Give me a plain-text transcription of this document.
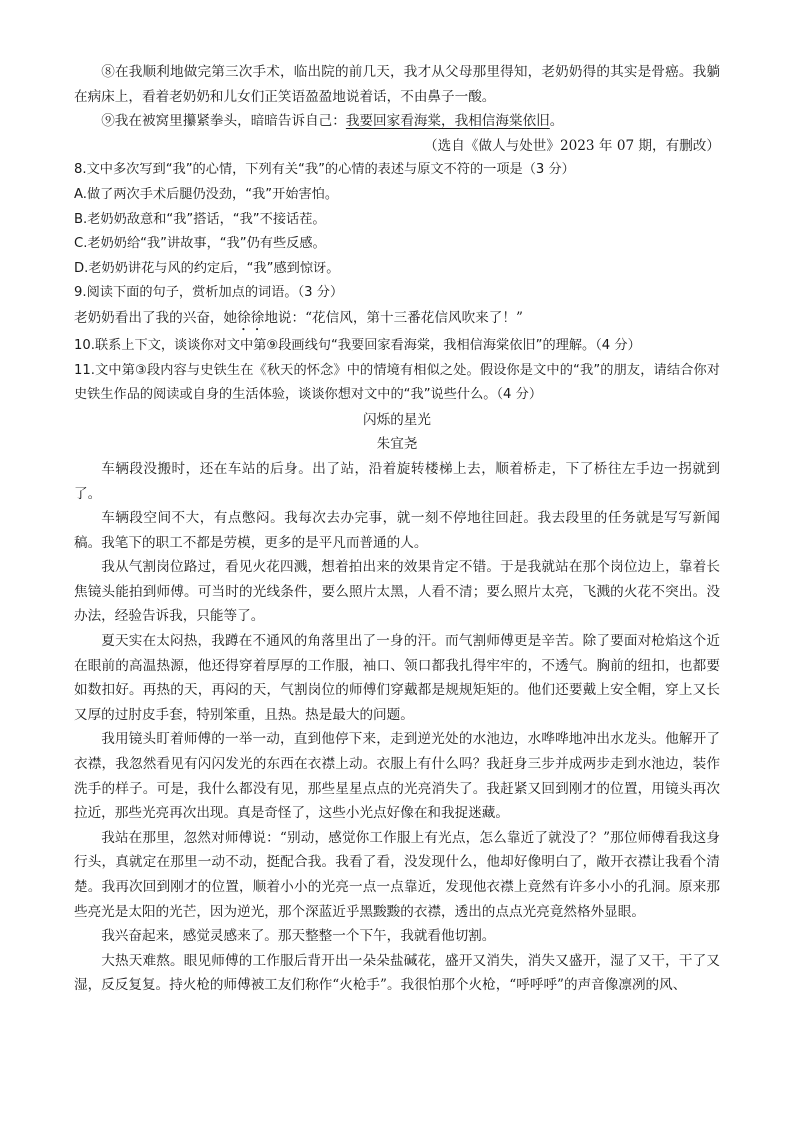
⑧在我顺利地做完第三次手术，临出院的前几天，我才从父母那里得知，老奶奶得的其实是骨癌。我躺在病床上，看着老奶奶和儿女们正笑语盈盈地说着话，不由鼻子一酸。

⑨我在被窝里攥紧拳头，暗暗告诉自己：我要回家看海棠，我相信海棠依旧。

（选自《做人与处世》2023 年 07 期，有删改）

8.文中多次写到“我”的心情，下列有关“我”的心情的表述与原文不符的一项是（3 分）

A.做了两次手术后腿仍没劲，“我”开始害怕。

B.老奶奶敌意和“我”搭话，“我”不接话茬。

C.老奶奶给“我”讲故事，“我”仍有些反感。

D.老奶奶讲花与风的约定后，“我”感到惊讶。

9.阅读下面的句子，赏析加点的词语。（3 分）

老奶奶看出了我的兴奋，她徐徐地说：“花信风，第十三番花信风吹来了！”

10.联系上下文，谈谈你对文中第⑨段画线句“我要回家看海棠，我相信海棠依旧”的理解。（4 分）

11.文中第③段内容与史铁生在《秋天的怀念》中的情境有相似之处。假设你是文中的“我”的朋友，请结合你对史铁生作品的阅读或自身的生活体验，谈谈你想对文中的“我”说些什么。（4 分）

闪烁的星光

朱宜尧

车辆段没搬时，还在车站的后身。出了站，沿着旋转楼梯上去，顺着桥走，下了桥往左手边一拐就到了。

车辆段空间不大，有点憋闷。我每次去办完事，就一刻不停地往回赶。我去段里的任务就是写写新闻稿。我笔下的职工不都是劳模，更多的是平凡而普通的人。

我从气割岗位路过，看见火花四溅，想着拍出来的效果肯定不错。于是我就站在那个岗位边上，靠着长焦镜头能拍到师傅。可当时的光线条件，要么照片太黑，人看不清；要么照片太亮，飞溅的火花不突出。没办法，经验告诉我，只能等了。

夏天实在太闷热，我蹲在不通风的角落里出了一身的汗。而气割师傅更是辛苦。除了要面对枪焰这个近在眼前的高温热源，他还得穿着厚厚的工作服，袖口、领口都我扎得牢牢的，不透气。胸前的纽扣，也都要如数扣好。再热的天，再闷的天，气割岗位的师傅们穿戴都是规规矩矩的。他们还要戴上安全帽，穿上又长又厚的过肘皮手套，特别笨重，且热。热是最大的问题。

我用镜头盯着师傅的一举一动，直到他停下来，走到逆光处的水池边，水哗哗地冲出水龙头。他解开了衣襟，我忽然看见有闪闪发光的东西在衣襟上动。衣服上有什么吗？我赶身三步并成两步走到水池边，装作洗手的样子。可是，我什么都没有见，那些星星点点的光亮消失了。我赶紧又回到刚才的位置，用镜头再次拉近，那些光亮再次出现。真是奇怪了，这些小光点好像在和我捉迷藏。

我站在那里，忽然对师傅说：“别动，感觉你工作服上有光点，怎么靠近了就没了？”那位师傅看我这身行头，真就定在那里一动不动，挺配合我。我看了看，没发现什么，他却好像明白了，敞开衣襟让我看个清楚。我再次回到刚才的位置，顺着小小的光亮一点一点靠近，发现他衣襟上竟然有许多小小的孔洞。原来那些亮光是太阳的光芒，因为逆光，那个深蓝近乎黑黢黢的衣襟，透出的点点光亮竟然格外显眼。

我兴奋起来，感觉灵感来了。那天整整一个下午，我就看他切割。

大热天难熬。眼见师傅的工作服后背开出一朵朵盐碱花，盛开又消失，消失又盛开，湿了又干，干了又湿，反反复复。持火枪的师傅被工友们称作“火枪手”。我很怕那个火枪，“呼呼呼”的声音像凛冽的风、
